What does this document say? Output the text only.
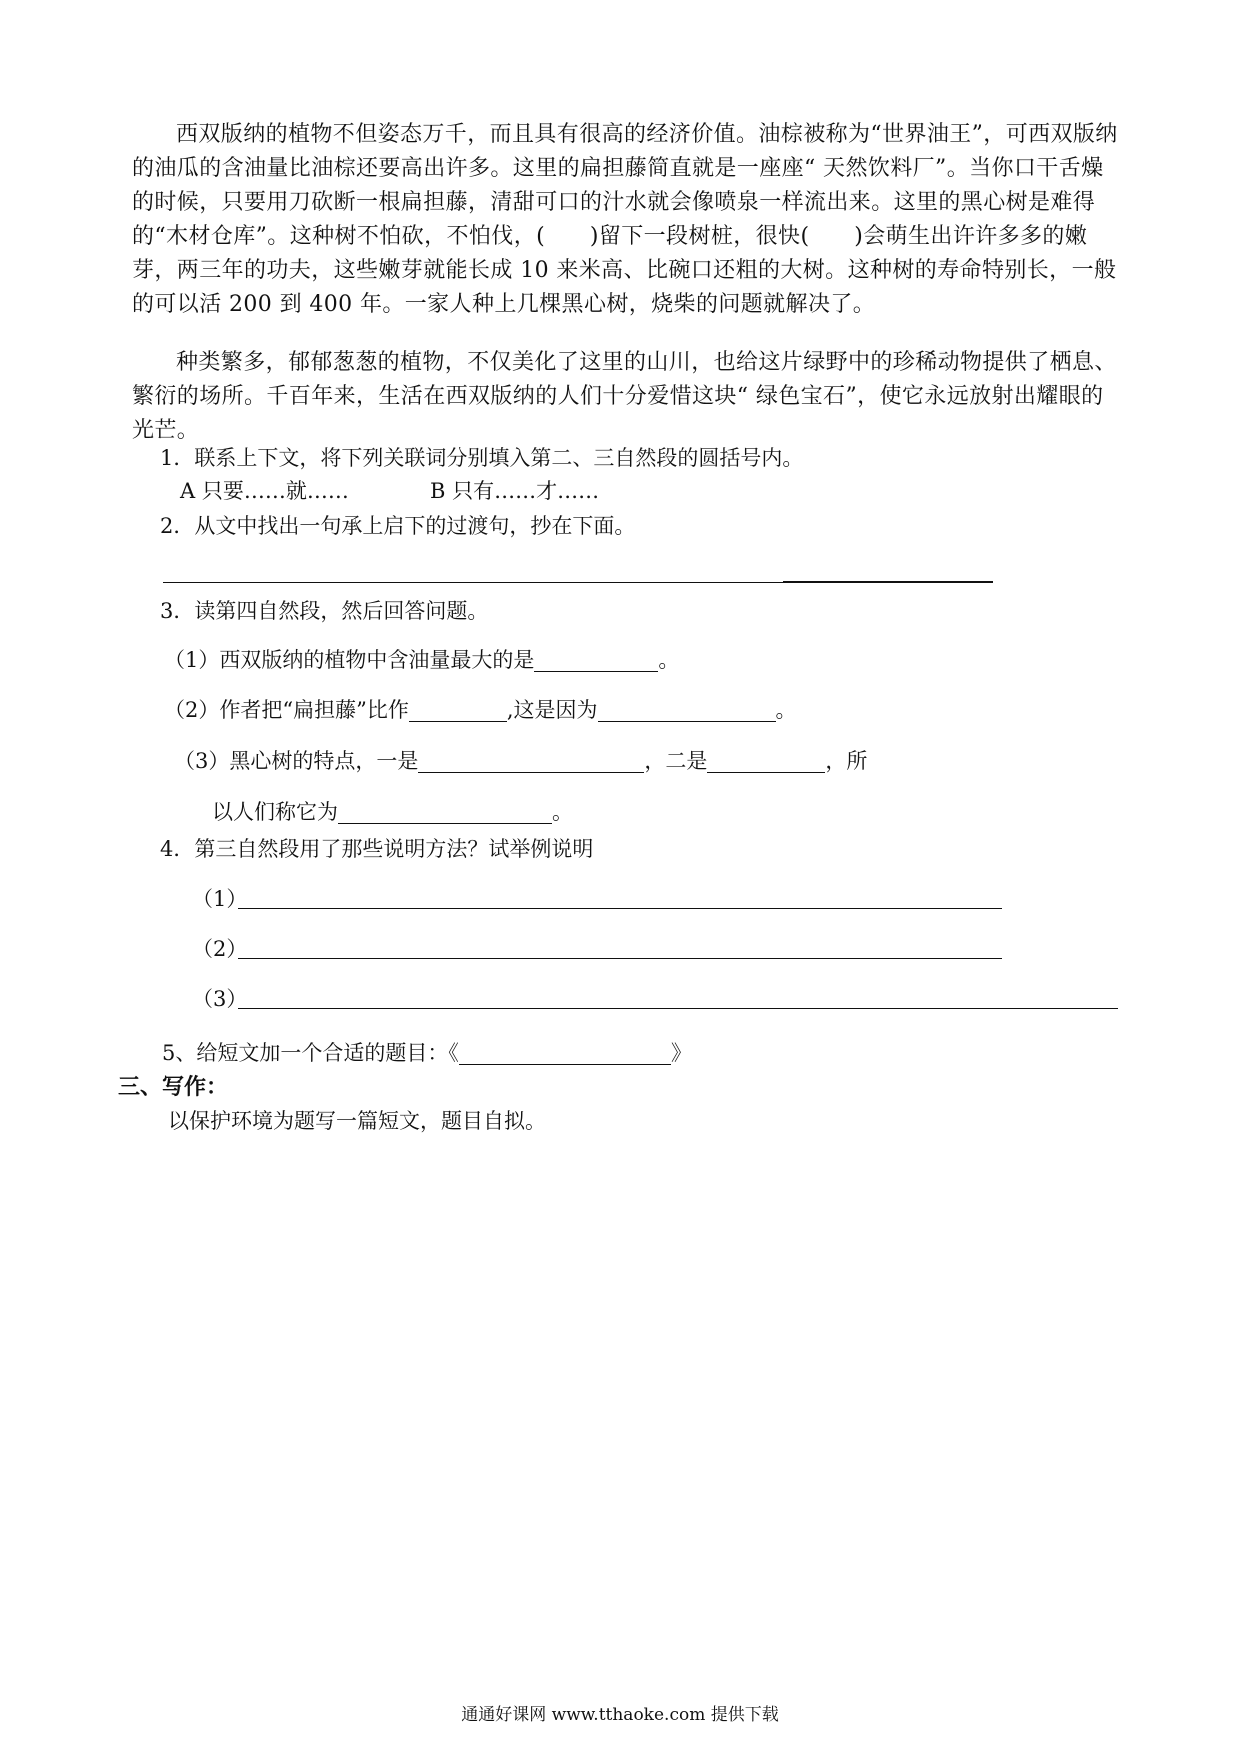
西双版纳的植物不但姿态万千，而且具有很高的经济价值。油棕被称为“世界油王”，可西双版纳的油瓜的含油量比油棕还要高出许多。这里的扁担藤简直就是一座座“ 天然饮料厂”。当你口干舌燥的时候，只要用刀砍断一根扁担藤，清甜可口的汁水就会像喷泉一样流出来。这里的黑心树是难得的“木材仓库”。这种树不怕砍，不怕伐，(　　)留下一段树桩，很快(　　)会萌生出许许多多的嫩芽，两三年的功夫，这些嫩芽就能长成 10 来米高、比碗口还粗的大树。这种树的寿命特别长，一般的可以活 200 到 400 年。一家人种上几棵黑心树，烧柴的问题就解决了。
种类繁多，郁郁葱葱的植物，不仅美化了这里的山川，也给这片绿野中的珍稀动物提供了栖息、繁衍的场所。千百年来，生活在西双版纳的人们十分爱惜这块“ 绿色宝石”，使它永远放射出耀眼的光芒。
1．联系上下文，将下列关联词分别填入第二、三自然段的圆括号内。
A 只要……就……	B 只有……才……
2．从文中找出一句承上启下的过渡句，抄在下面。
3．读第四自然段，然后回答问题。
（1）西双版纳的植物中含油量最大的是	。
（2）作者把“扁担藤”比作	,这是因为	。
（3）黑心树的特点，一是	，二是	，所
以人们称它为	。
4．第三自然段用了那些说明方法？试举例说明
（1）
（2）
（3）
5、给短文加一个合适的题目：《	》
三、写作：
以保护环境为题写一篇短文，题目自拟。
通通好课网 www.tthaoke.com 提供下载
